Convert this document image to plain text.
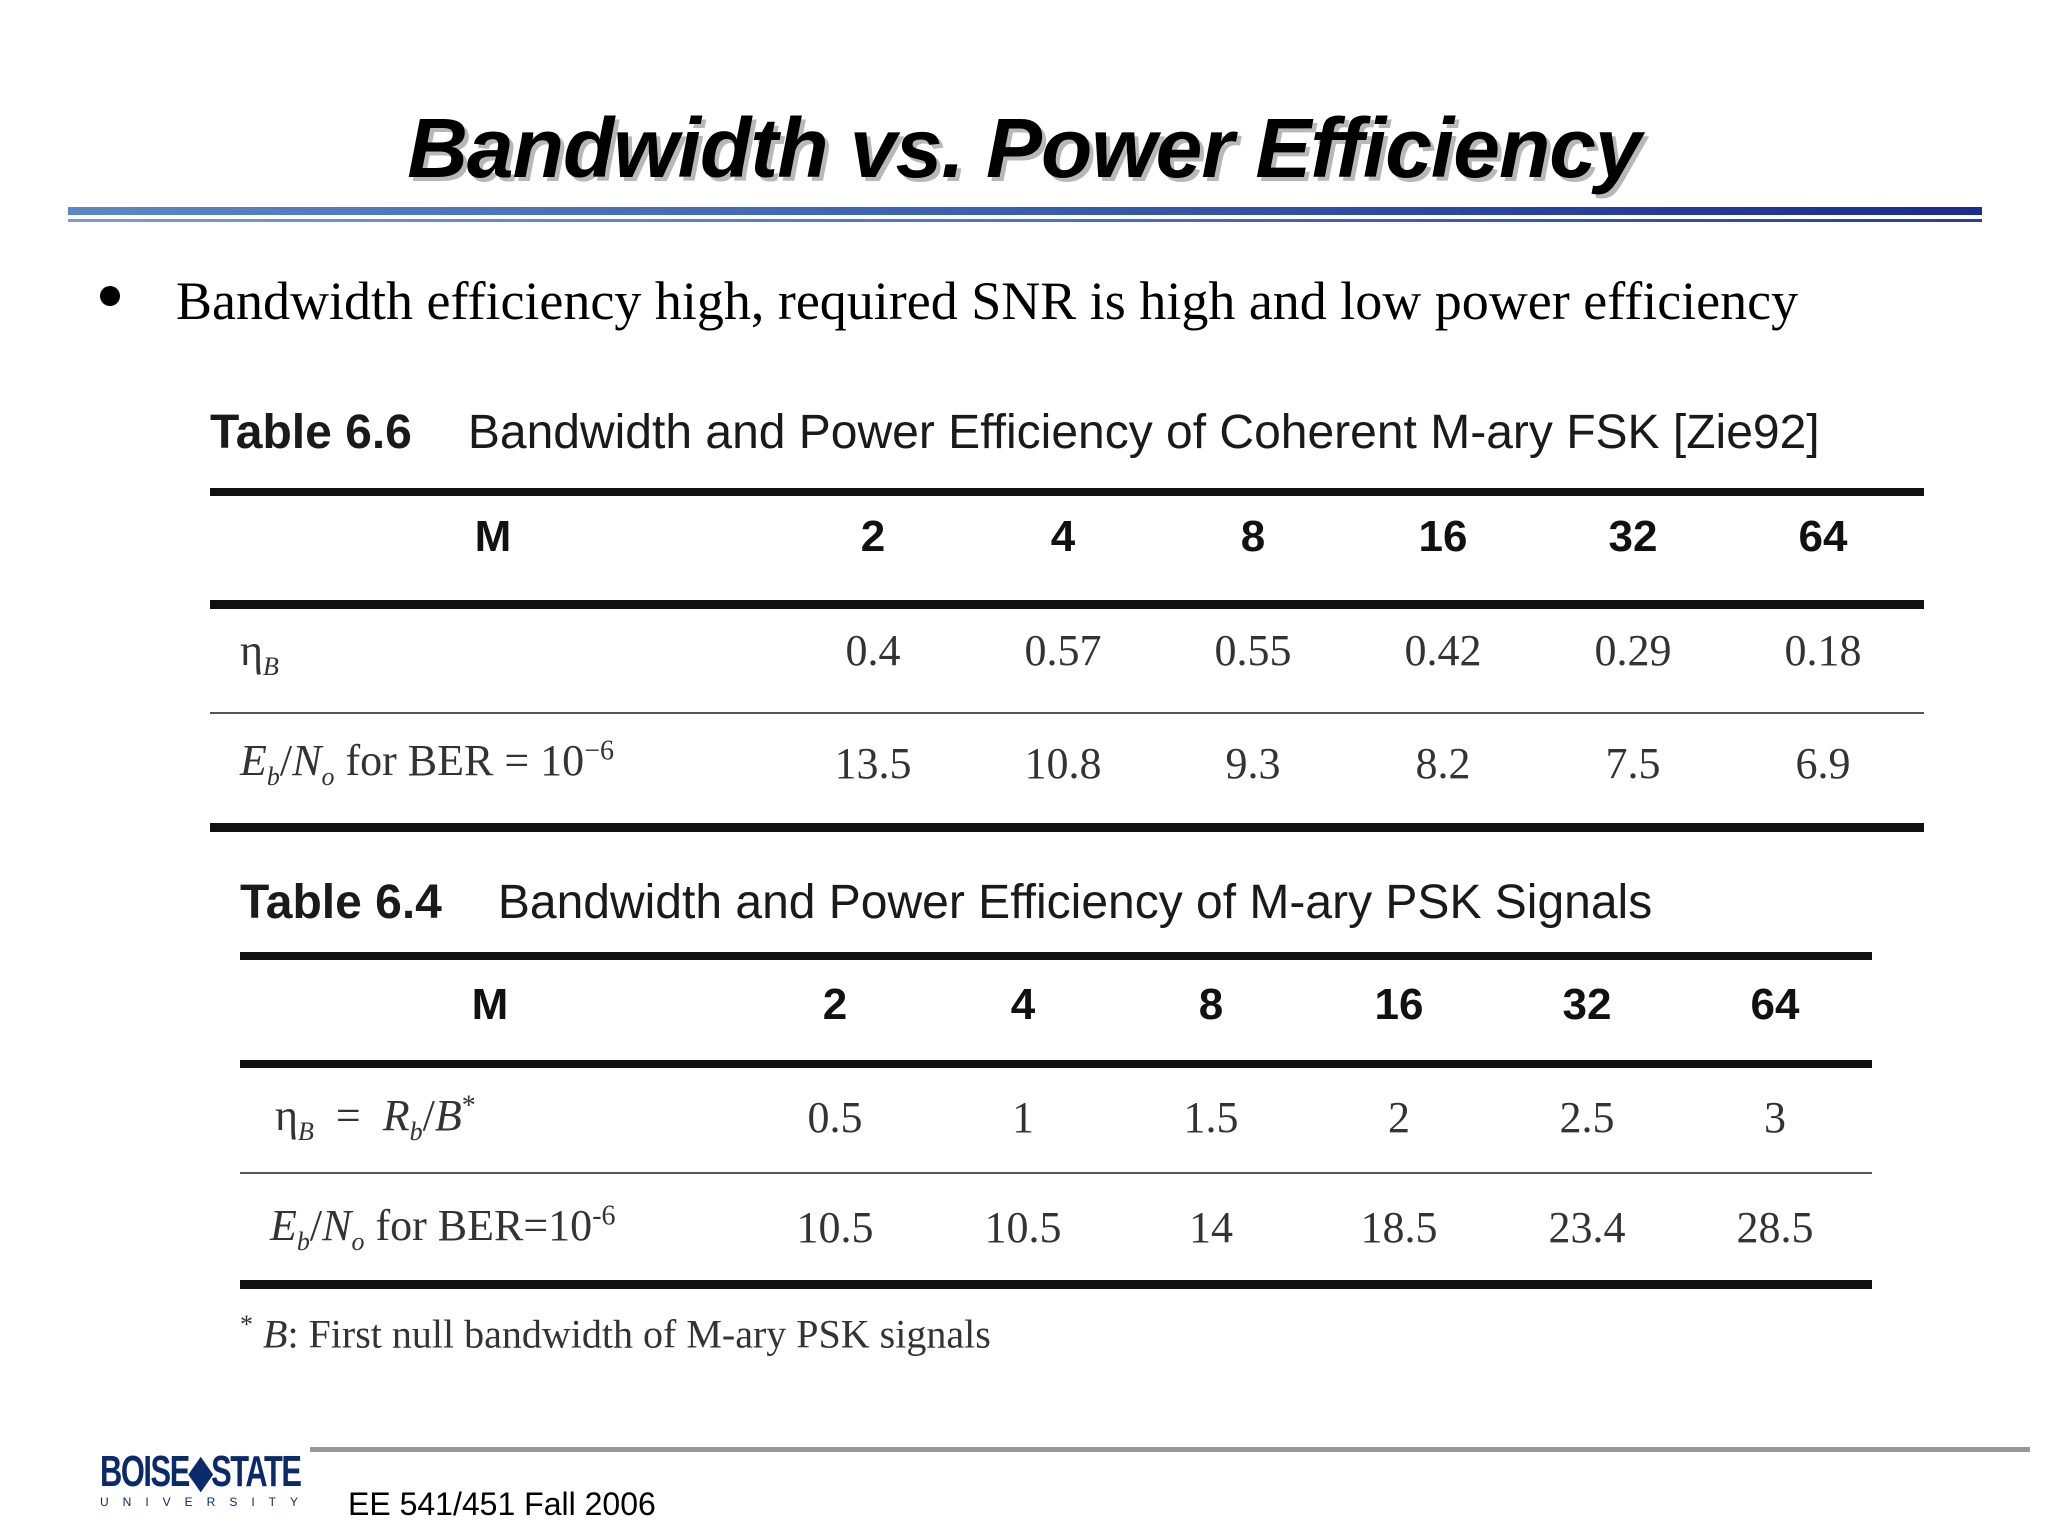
Bandwidth vs. Power Efficiency
Bandwidth efficiency high, required SNR is high and low power efficiency
Table 6.6 Bandwidth and Power Efficiency of Coherent M-ary FSK [Zie92]
M	2	4	8	16	32	64
$\eta_B$	0.4	0.57	0.55	0.42	0.29	0.18
$E_b/N_o$ for BER = $10^{-6}$	13.5	10.8	9.3	8.2	7.5	6.9
Table 6.4 Bandwidth and Power Efficiency of M-ary PSK Signals
M	2	4	8	16	32	64
$\eta_B = R_b/B^*$	0.5	1	1.5	2	2.5	3
$E_b/N_o$ for $BER=10^{-6}$	10.5	10.5	14	18.5	23.4	28.5
* B: First null bandwidth of M-ary PSK signals
BOISE◆STATE
UNIVERSITY EE 541/451 Fall 2006
